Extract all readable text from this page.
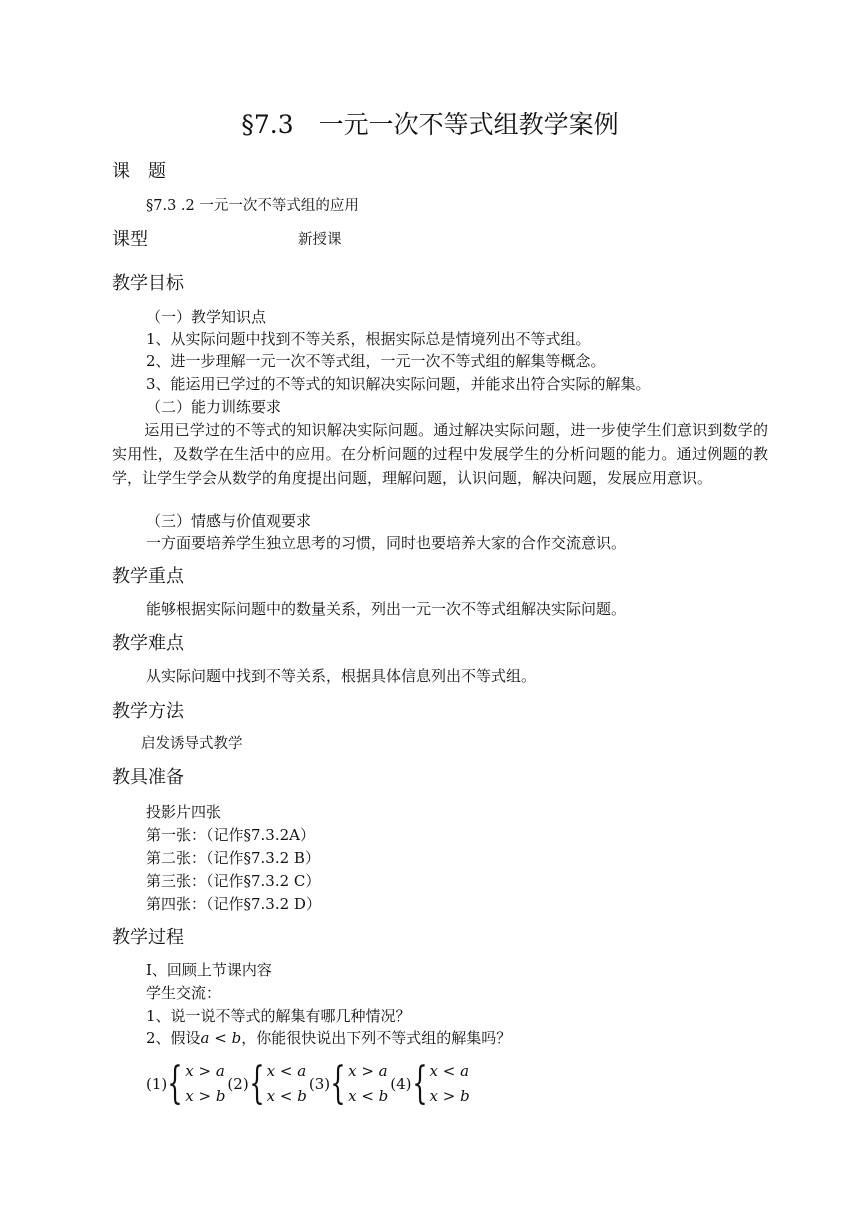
§7.3　一元一次不等式组教学案例
课　题
§7.3 .2 一元一次不等式组的应用
课型	新授课
教学目标
（一）教学知识点
1、从实际问题中找到不等关系，根据实际总是情境列出不等式组。
2、进一步理解一元一次不等式组，一元一次不等式组的解集等概念。
3、能运用已学过的不等式的知识解决实际问题，并能求出符合实际的解集。
（二）能力训练要求
运用已学过的不等式的知识解决实际问题。通过解决实际问题，进一步使学生们意识到数学的实用性，及数学在生活中的应用。在分析问题的过程中发展学生的分析问题的能力。通过例题的教学，让学生学会从数学的角度提出问题，理解问题，认识问题，解决问题，发展应用意识。
（三）情感与价值观要求
一方面要培养学生独立思考的习惯，同时也要培养大家的合作交流意识。
教学重点
能够根据实际问题中的数量关系，列出一元一次不等式组解决实际问题。
教学难点
从实际问题中找到不等关系，根据具体信息列出不等式组。
教学方法
启发诱导式教学
教具准备
投影片四张
第一张：（记作§7.3.2A）
第二张：（记作§7.3.2 B）
第三张：（记作§7.3.2 C）
第四张：（记作§7.3.2 D）
教学过程
I、回顾上节课内容
学生交流：
1、说一说不等式的解集有哪几种情况？
2、假设a < b，你能很快说出下列不等式组的解集吗？
(1) { x > a
x > b
(2) { x < a
x < b
(3) { x > a
x < b
(4) { x < a
x > b
